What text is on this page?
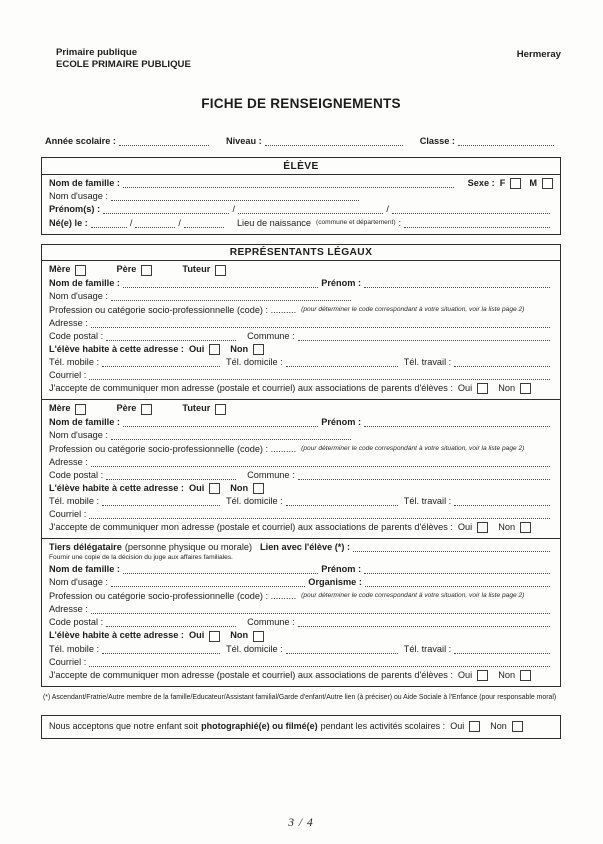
Primaire publique
ECOLE PRIMAIRE PUBLIQUE
Hermeray
FICHE DE RENSEIGNEMENTS
Année scolaire :	Niveau :	Classe :
ÉLÈVE
Nom de famille :	Sexe : F	M
Nom d'usage :
Prénom(s) :	/	/
Né(e) le :	/	/	Lieu de naissance (commune et département) :
REPRÉSENTANTS LÉGAUX
Mère	Père	Tuteur
Nom de famille :	Prénom :
Nom d'usage :
Profession ou catégorie socio-professionnelle (code) : .......... (pour déterminer le code correspondant à votre situation, voir la liste page 2)
Adresse :
Code postal :	Commune :
L'élève habite à cette adresse : Oui	Non
Tél. mobile :	Tél. domicile :	Tél. travail :
Courriel :
J'accepte de communiquer mon adresse (postale et courriel) aux associations de parents d'élèves : Oui	Non
Mère	Père	Tuteur
Nom de famille :	Prénom :
Nom d'usage :
Profession ou catégorie socio-professionnelle (code) : .......... (pour déterminer le code correspondant à votre situation, voir la liste page 2)
Adresse :
Code postal :	Commune :
L'élève habite à cette adresse : Oui	Non
Tél. mobile :	Tél. domicile :	Tél. travail :
Courriel :
J'accepte de communiquer mon adresse (postale et courriel) aux associations de parents d'élèves : Oui	Non
Tiers délégataire (personne physique ou morale) Lien avec l'élève (*) :
Fournir une copie de la décision du juge aux affaires familiales.
Nom de famille :	Prénom :
Nom d'usage :	Organisme :
Profession ou catégorie socio-professionnelle (code) : .......... (pour déterminer le code correspondant à votre situation, voir la liste page 2)
Adresse :
Code postal :	Commune :
L'élève habite à cette adresse : Oui	Non
Tél. mobile :	Tél. domicile :	Tél. travail :
Courriel :
J'accepte de communiquer mon adresse (postale et courriel) aux associations de parents d'élèves : Oui	Non
(*) Ascendant/Fratrie/Autre membre de la famille/Educateur/Assistant familial/Garde d'enfant/Autre lien (à préciser) ou Aide Sociale à l'Enfance (pour responsable moral)
Nous acceptons que notre enfant soit photographié(e) ou filmé(e) pendant les activités scolaires : Oui	Non
3 / 4
